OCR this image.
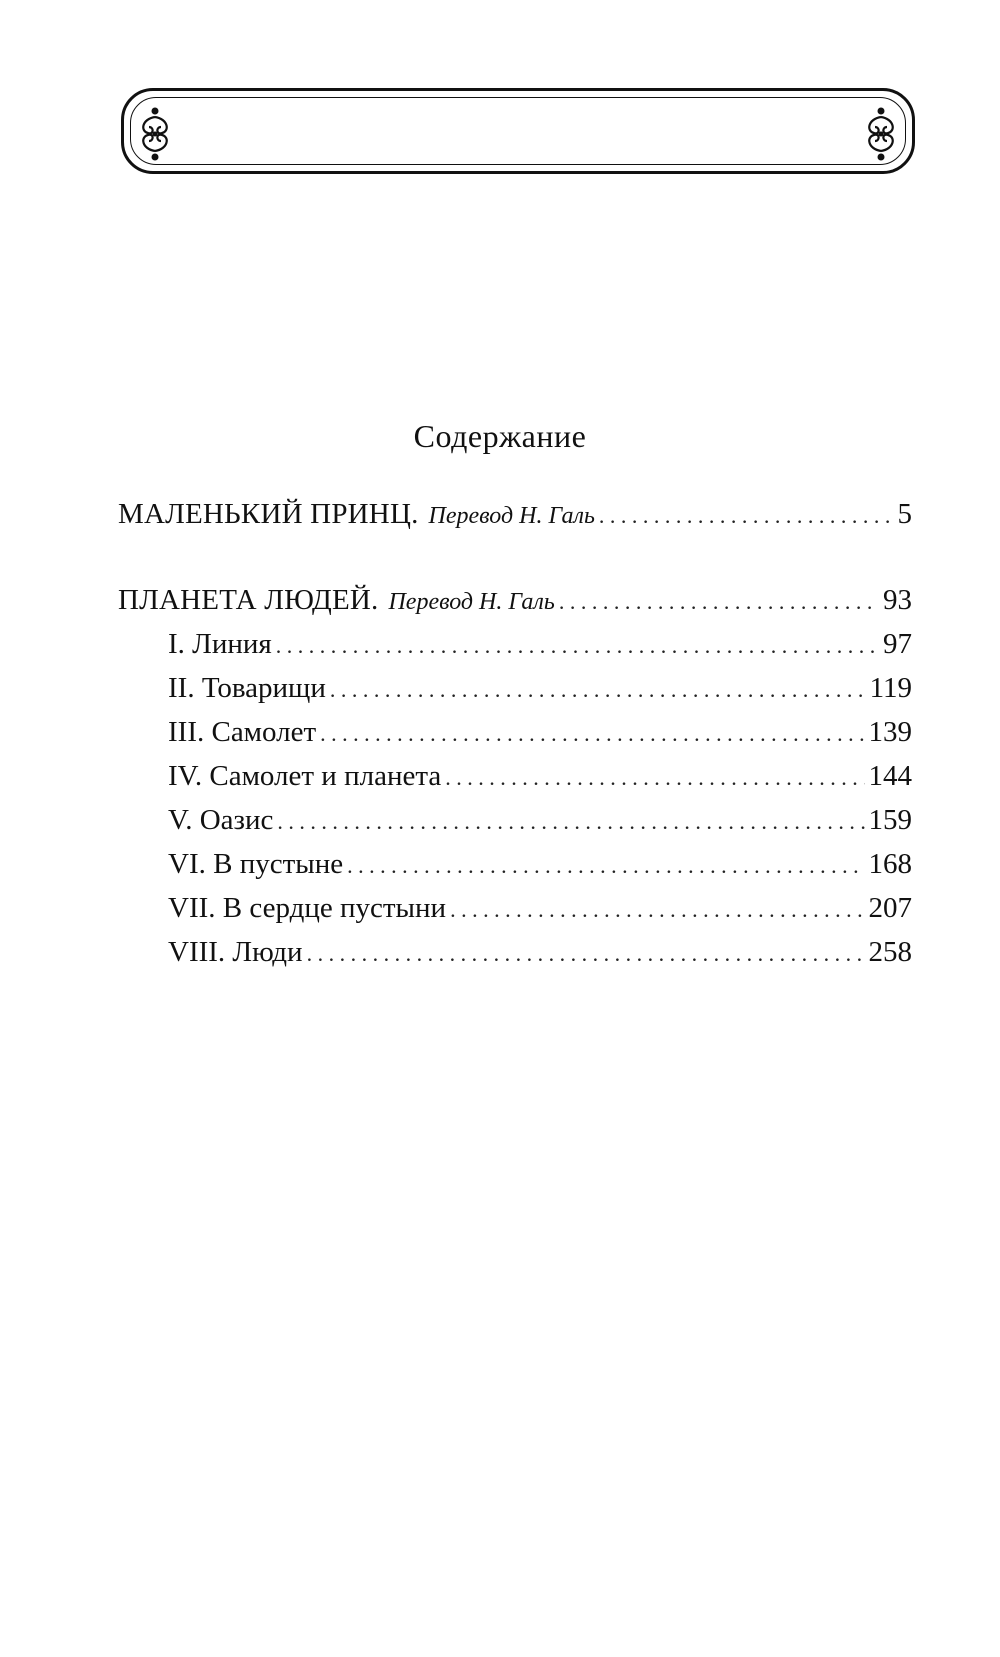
Содержание
МАЛЕНЬКИЙ ПРИНЦ. Перевод Н. Галь . . .	5
ПЛАНЕТА ЛЮДЕЙ. Перевод Н. Галь . . .	93
I. Линия . . .	97
II. Товарищи . . .	119
III. Самолет . . .	139
IV. Самолет и планета . . .	144
V. Оазис . . .	159
VI. В пустыне . . .	168
VII. В сердце пустыни . . .	207
VIII. Люди . . .	258
